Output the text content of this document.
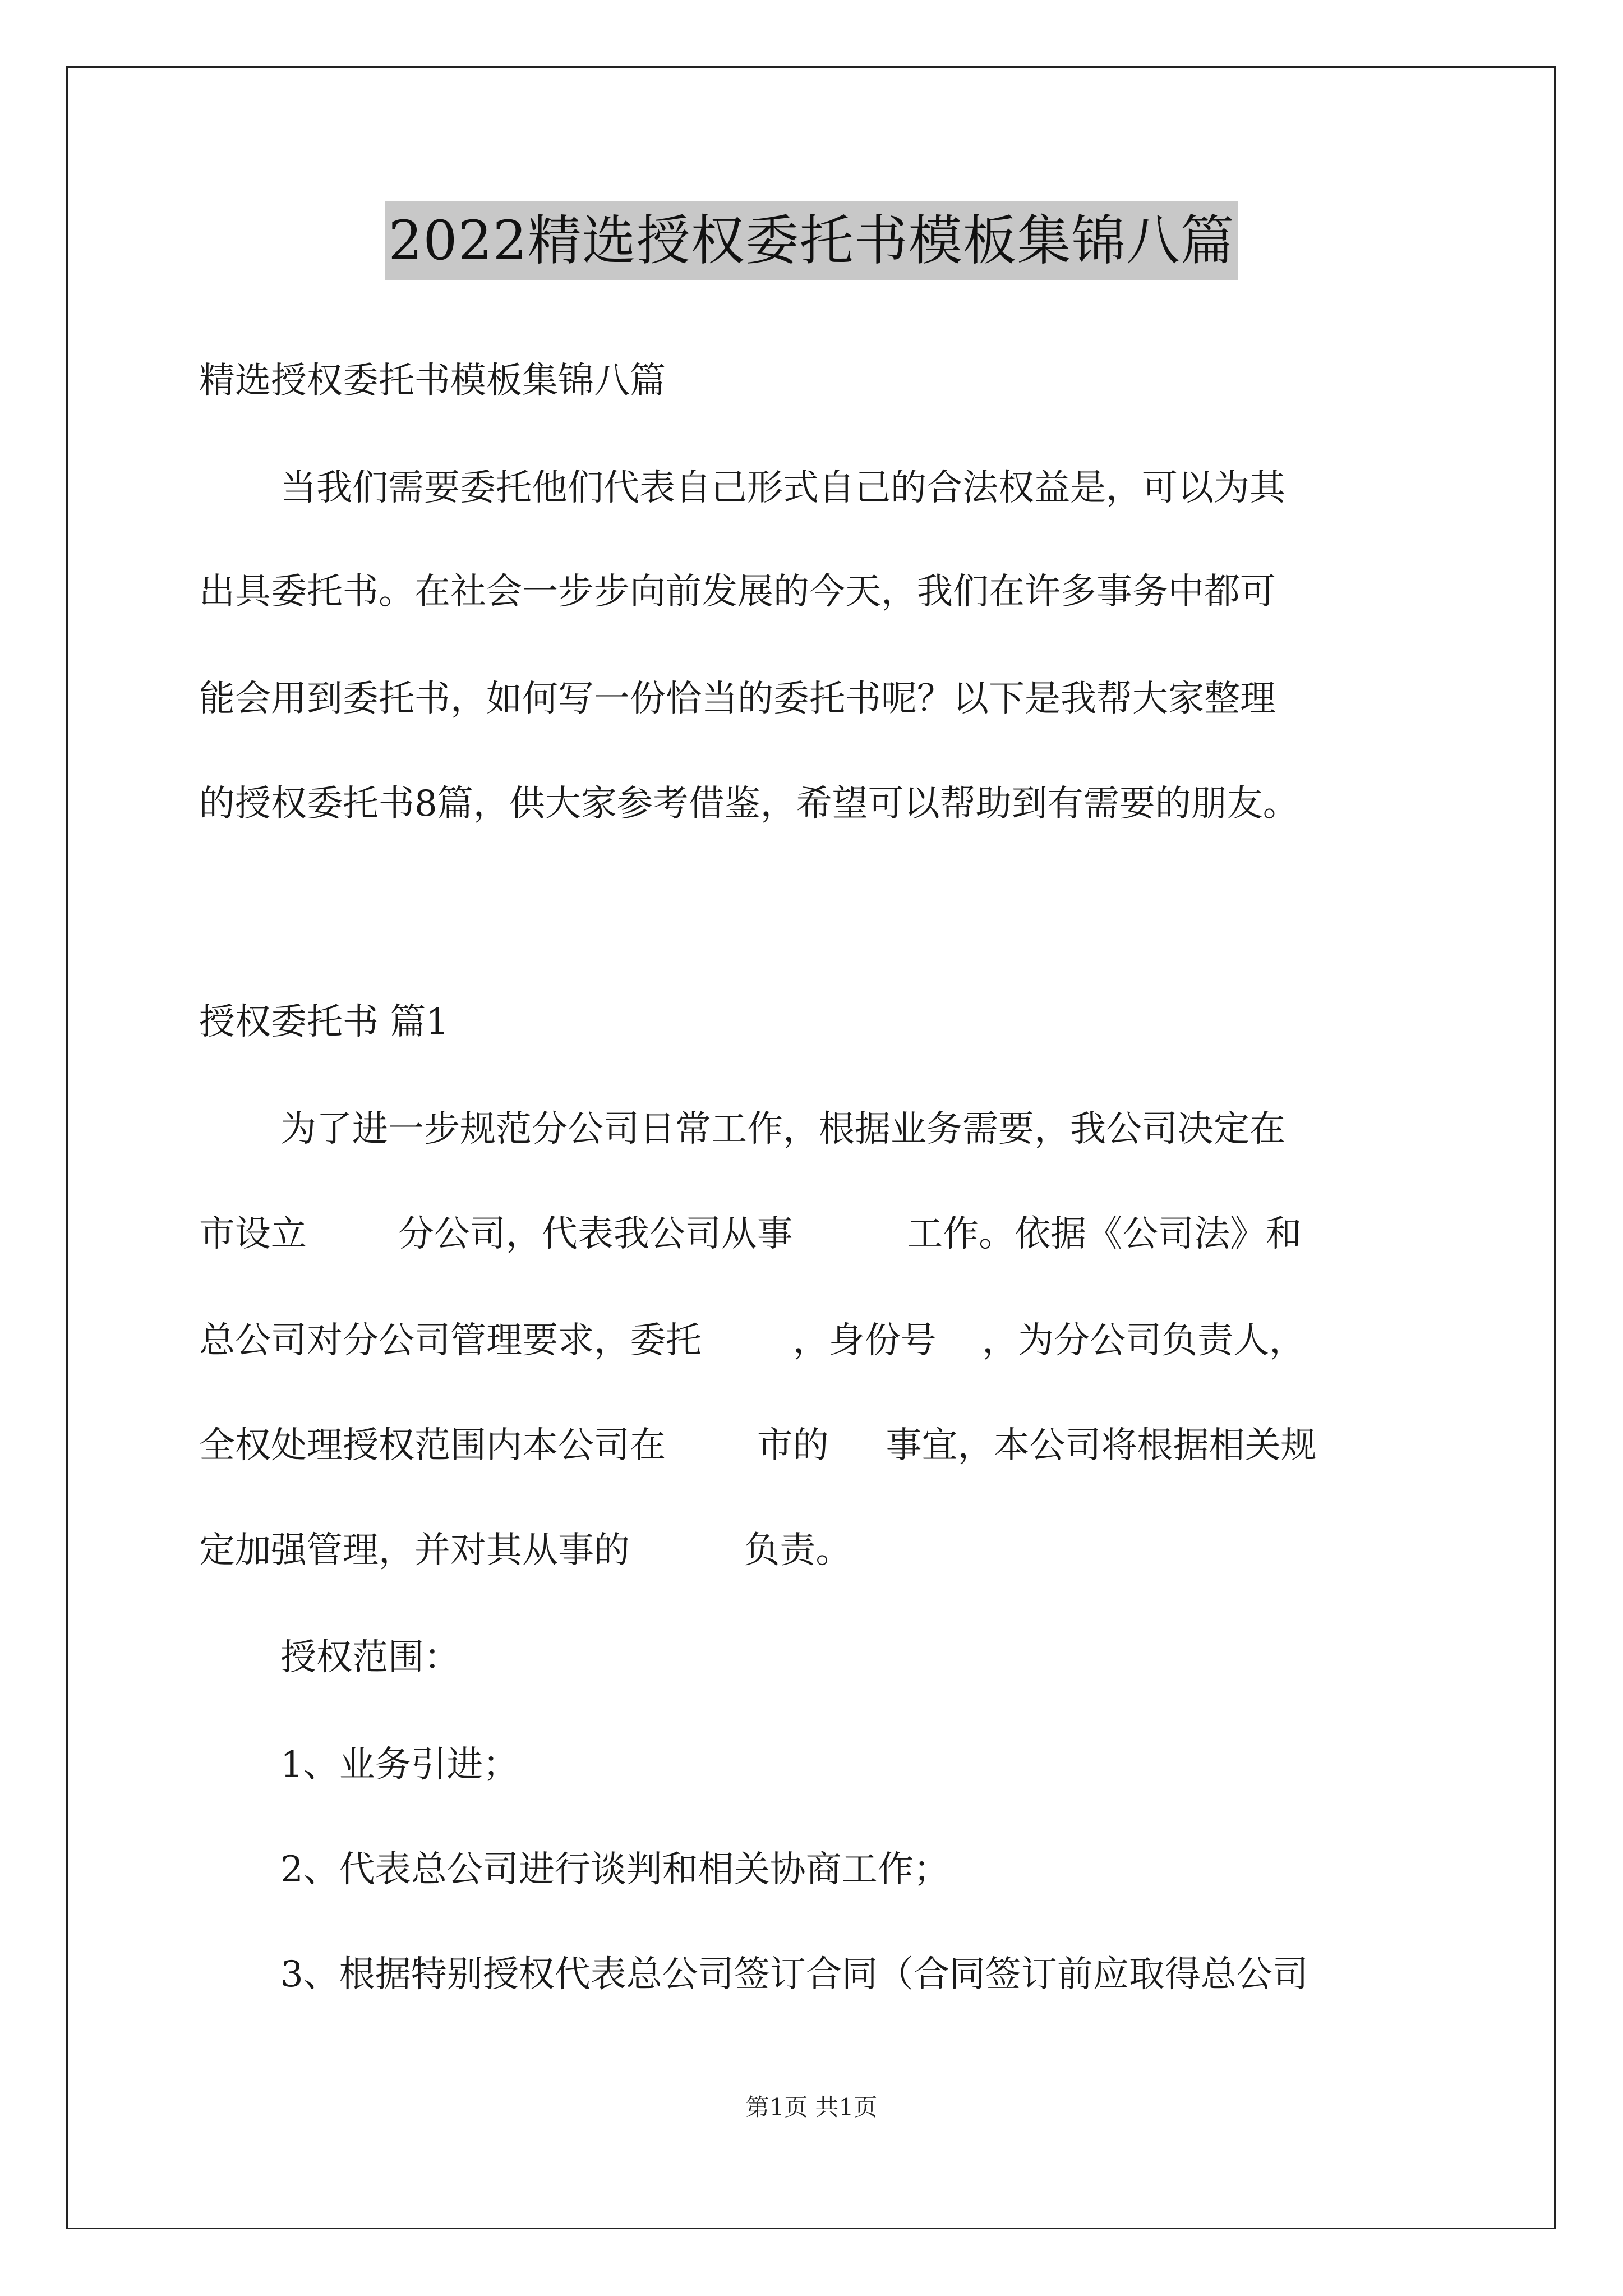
2022精选授权委托书模板集锦八篇
精选授权委托书模板集锦八篇
当我们需要委托他们代表自己形式自己的合法权益是，可以为其
出具委托书。在社会一步步向前发展的今天，我们在许多事务中都可
能会用到委托书，如何写一份恰当的委托书呢？以下是我帮大家整理
的授权委托书8篇，供大家参考借鉴，希望可以帮助到有需要的朋友。
授权委托书 篇1
为了进一步规范分公司日常工作，根据业务需要，我公司决定在
市设立        分公司，代表我公司从事          工作。依据《公司法》和
总公司对分公司管理要求，委托        ，身份号    ，为分公司负责人，
全权处理授权范围内本公司在        市的     事宜，本公司将根据相关规
定加强管理，并对其从事的          负责。
授权范围：
1、业务引进；
2、代表总公司进行谈判和相关协商工作；
3、根据特别授权代表总公司签订合同（合同签订前应取得总公司
第1页 共1页
